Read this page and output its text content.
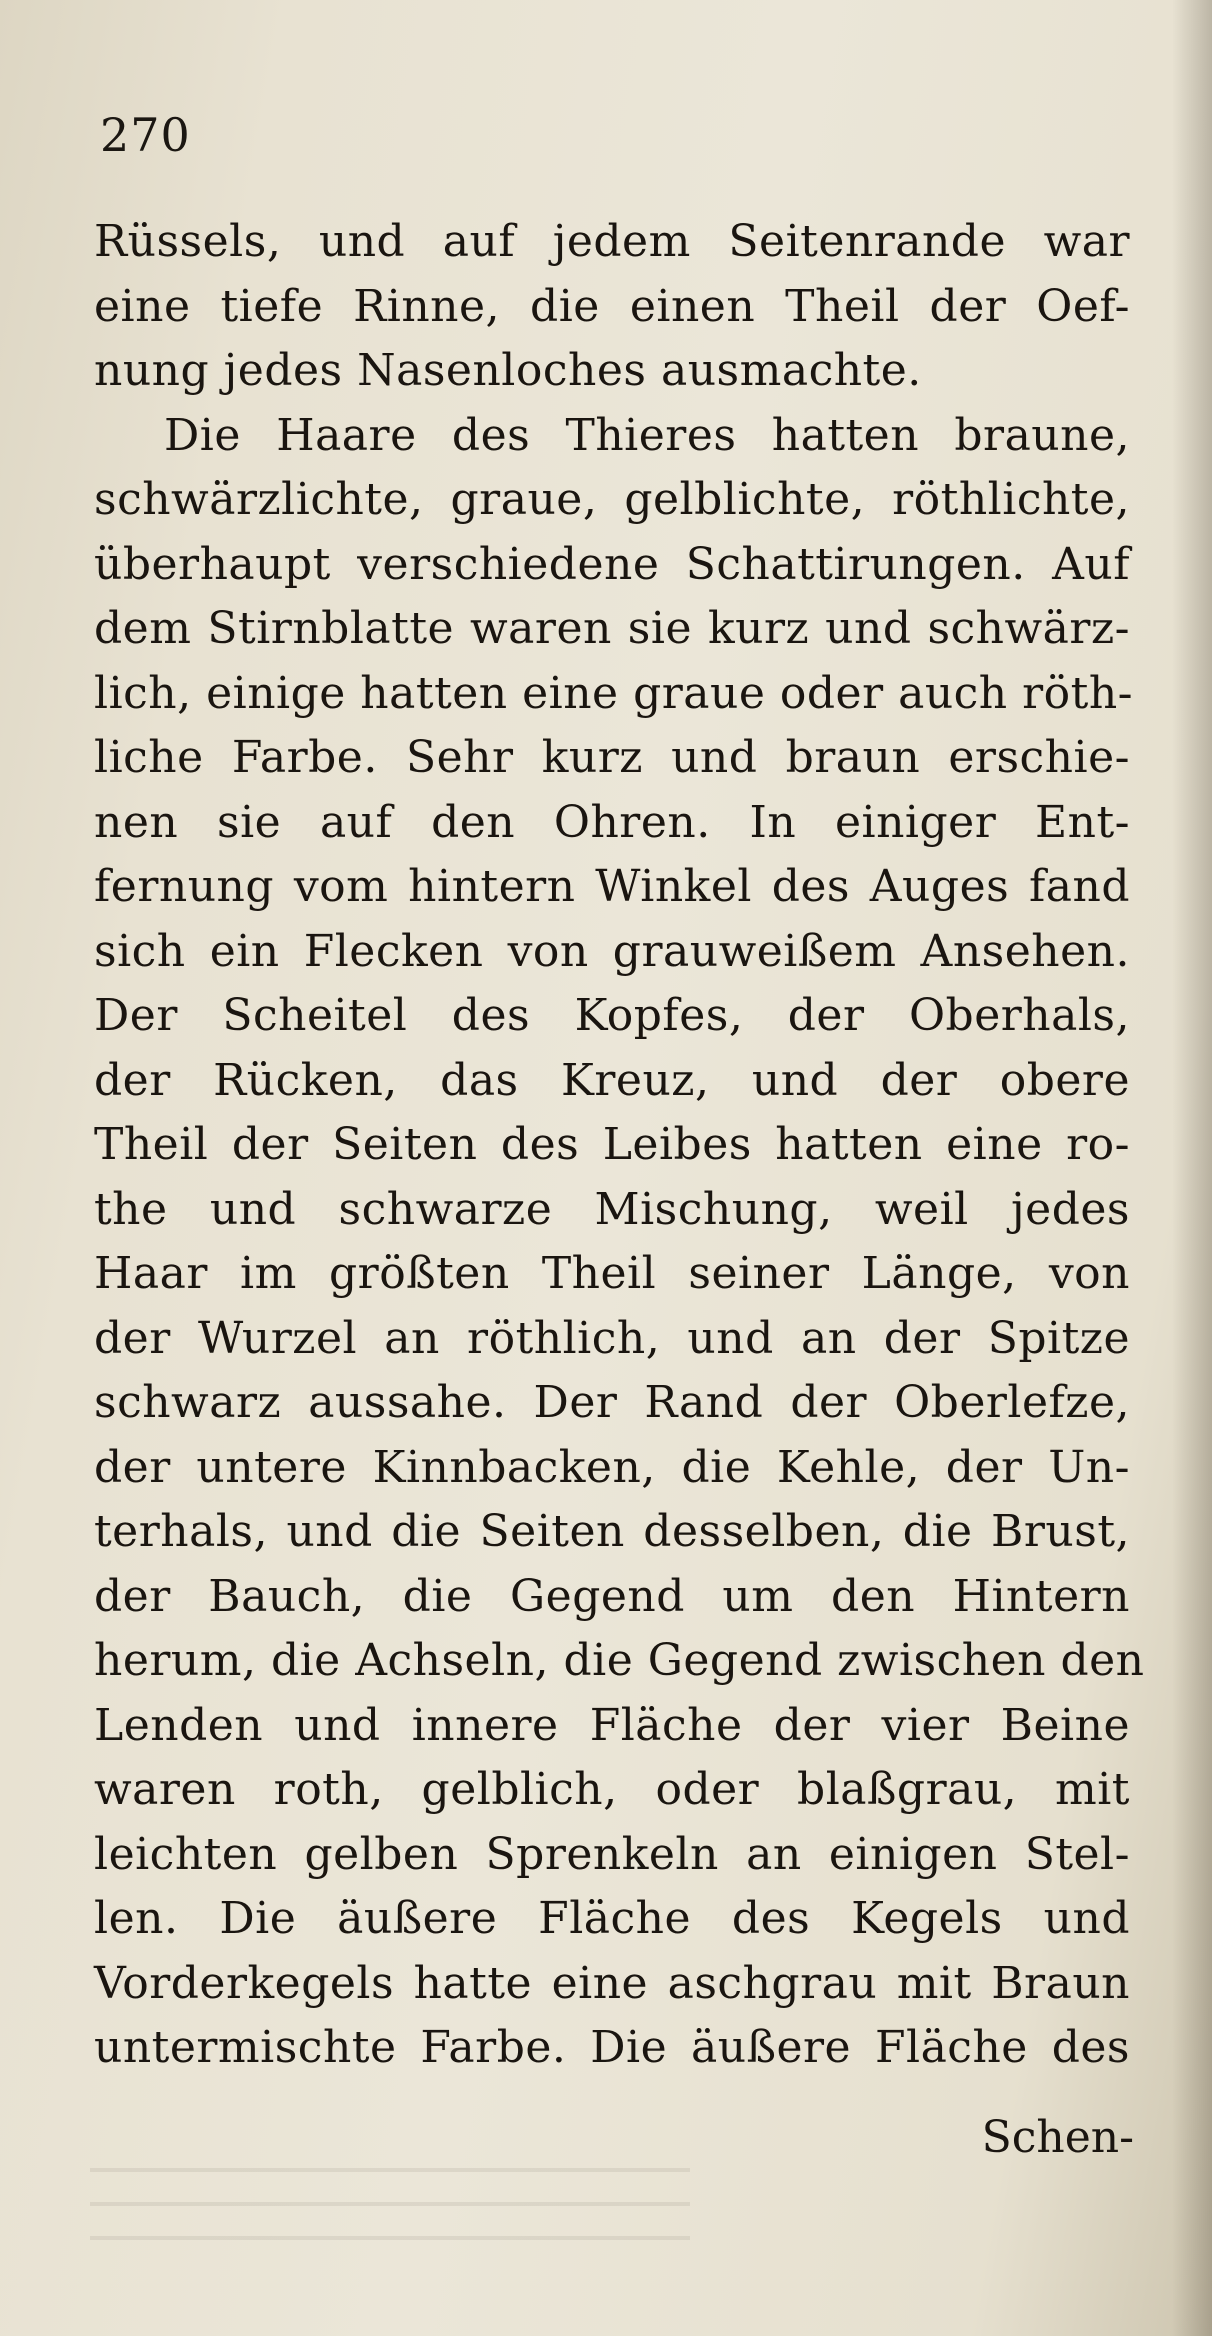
270
Rüssels, und auf jedem Seitenrande war
eine tiefe Rinne, die einen Theil der Oef-
nung jedes Nasenloches ausmachte.
Die Haare des Thieres hatten braune,
schwärzlichte, graue, gelblichte, röthlichte,
überhaupt verschiedene Schattirungen. Auf
dem Stirnblatte waren sie kurz und schwärz-
lich, einige hatten eine graue oder auch röth-
liche Farbe. Sehr kurz und braun erschie-
nen sie auf den Ohren. In einiger Ent-
fernung vom hintern Winkel des Auges fand
sich ein Flecken von grauweißem Ansehen.
Der Scheitel des Kopfes, der Oberhals,
der Rücken, das Kreuz, und der obere
Theil der Seiten des Leibes hatten eine ro-
the und schwarze Mischung, weil jedes
Haar im größten Theil seiner Länge, von
der Wurzel an röthlich, und an der Spitze
schwarz aussahe. Der Rand der Oberlefze,
der untere Kinnbacken, die Kehle, der Un-
terhals, und die Seiten desselben, die Brust,
der Bauch, die Gegend um den Hintern
herum, die Achseln, die Gegend zwischen den
Lenden und innere Fläche der vier Beine
waren roth, gelblich, oder blaßgrau, mit
leichten gelben Sprenkeln an einigen Stel-
len. Die äußere Fläche des Kegels und
Vorderkegels hatte eine aschgrau mit Braun
untermischte Farbe. Die äußere Fläche des
Schen-
